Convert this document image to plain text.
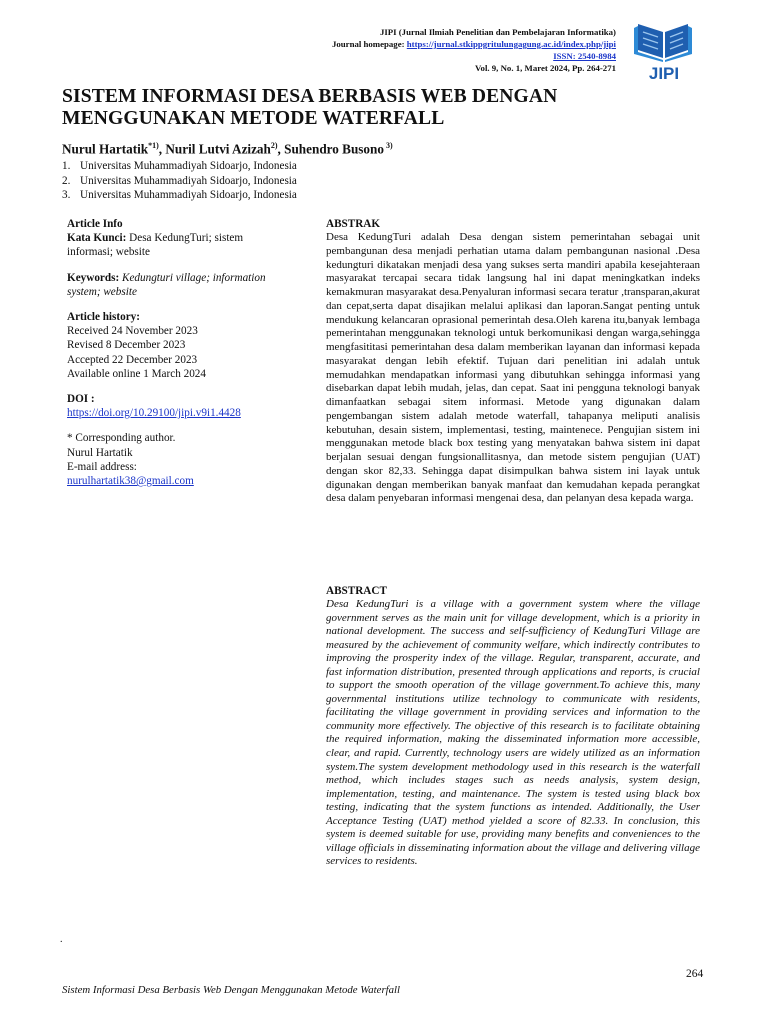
JIPI (Jurnal Ilmiah Penelitian dan Pembelajaran Informatika)
Journal homepage: https://jurnal.stkippgritulungagung.ac.id/index.php/jipi
ISSN: 2540-8984
Vol. 9, No. 1, Maret 2024, Pp. 264-271 JIPI
SISTEM INFORMASI DESA BERBASIS WEB DENGAN
MENGGUNAKAN METODE WATERFALL
Nurul Hartatik$^{*1)}$, Nuril Lutvi Azizah$^{2)}$, Suhendro Busono $^{3)}$
1. Universitas Muhammadiyah Sidoarjo, Indonesia
2. Universitas Muhammadiyah Sidoarjo, Indonesia
3. Universitas Muhammadiyah Sidoarjo, Indonesia
Article Info
Kata Kunci: Desa KedungTuri; sistem
informasi; website
Keywords: Kedungturi village; information
system; website
Article history:
Received 24 November 2023
Revised 8 December 2023
Accepted 22 December 2023
Available online 1 March 2024
DOI :
https://doi.org/10.29100/jipi.v9i1.4428
* Corresponding author.
Nurul Hartatik
E-mail address:
nurulhartatik38@gmail.com

ABSTRAK

Desa KedungTuri adalah Desa dengan sistem pemerintahan sebagai unit pembangunan desa menjadi perhatian utama dalam pembangunan nasional .Desa kedungturi dikatakan menjadi desa yang sukses serta mandiri apabila kesejahteraan masyarakat tercapai secara tidak langsung hal ini dapat meningkatkan indeks kemakmuran masyarakat desa.Penyaluran informasi secara teratur ,transparan,akurat dan cepat,serta dapat disajikan melalui aplikasi dan laporan.Sangat penting untuk mendukung kelancaran oprasional pemerintah desa.Oleh karena itu,banyak lembaga pemerintahan menggunakan teknologi untuk berkomunikasi dengan warga,sehingga mengfasititasi pemerintahan desa dalam memberikan layanan dan informasi kepada masyarakat dengan lebih efektif. Tujuan dari penelitian ini adalah untuk memudahkan mendapatkan informasi yang dibutuhkan sehingga informasi yang disebarkan dapat lebih mudah, jelas, dan cepat. Saat ini pengguna teknologi banyak dimanfaatkan sebagai sitem informasi. Metode yang digunakan dalam pengembangan sistem adalah metode waterfall, tahapanya meliputi analisis kebutuhan, desain sistem, implementasi, testing, maintenece. Pengujian sistem ini menggunakan metode black box testing yang menyatakan bahwa sistem ini dapat berjalan sesuai dengan fungsionallitasnya, dan metode sistem pengujian (UAT) dengan skor 82,33. Sehingga dapat disimpulkan bahwa sistem ini layak untuk digunakan dengan memberikan banyak manfaat dan kemudahan kepada perangkat desa dalam penyebaran informasi mengenai desa, dan pelanyan desa kepada warga.

ABSTRACT

Desa KedungTuri is a village with a government system where the village government serves as the main unit for village development, which is a priority in national development. The success and self-sufficiency of KedungTuri Village are measured by the achievement of community welfare, which indirectly contributes to improving the prosperity index of the village. Regular, transparent, accurate, and fast information distribution, presented through applications and reports, is crucial to support the smooth operation of the village government.To achieve this, many governmental institutions utilize technology to communicate with residents, facilitating the village government in providing services and information to the community more effectively. The objective of this research is to facilitate obtaining the required information, making the disseminated information more accessible, clear, and rapid. Currently, technology users are widely utilized as an information system.The system development methodology used in this research is the waterfall method, which includes stages such as needs analysis, system design, implementation, testing, and maintenance. The system is tested using black box testing, indicating that the system functions as intended. Additionally, the User Acceptance Testing (UAT) method yielded a score of 82.33. In conclusion, this system is deemed suitable for use, providing many benefits and conveniences to the village officials in disseminating information about the village and delivering village services to residents.

.
264
Sistem Informasi Desa Berbasis Web Dengan Menggunakan Metode Waterfall
